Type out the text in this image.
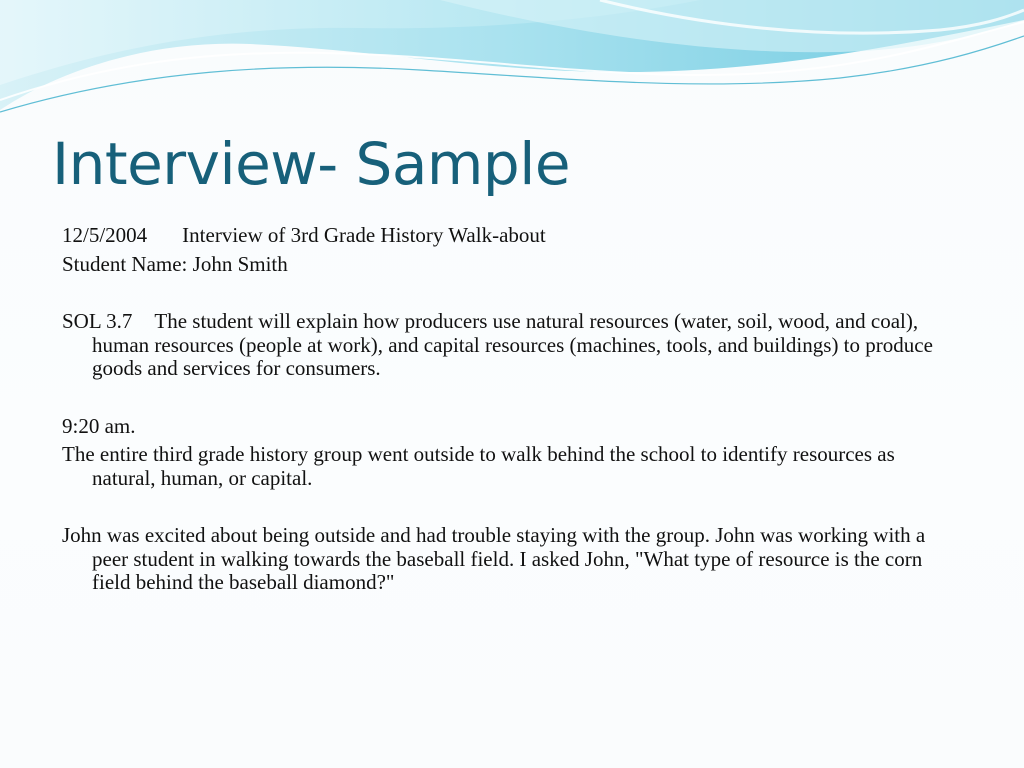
Interview- Sample

12/5/2004 Interview of 3rd Grade History Walk-about

Student Name: John Smith

SOL 3.7 The student will explain how producers use natural resources (water, soil, wood, and coal), human resources (people at work), and capital resources (machines, tools, and buildings) to produce goods and services for consumers.

9:20 am.

The entire third grade history group went outside to walk behind the school to identify resources as natural, human, or capital.

John was excited about being outside and had trouble staying with the group. John was working with a peer student in walking towards the baseball field. I asked John, "What type of resource is the corn field behind the baseball diamond?"
